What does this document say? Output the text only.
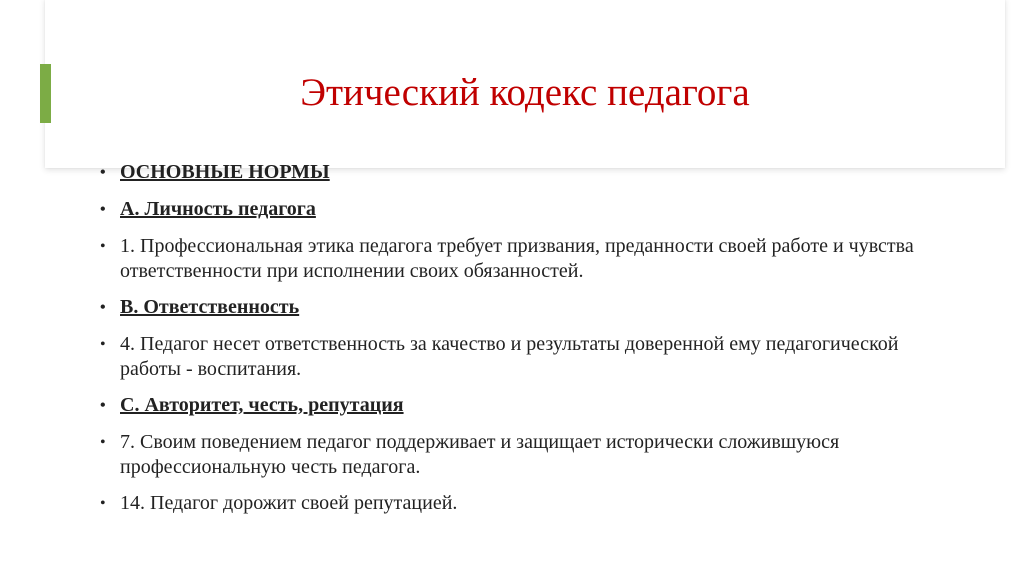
Этический кодекс педагога
• ОСНОВНЫЕ НОРМЫ
• А. Личность педагога
• 1. Профессиональная этика педагога требует призвания, преданности своей работе и чувства ответственности при исполнении своих обязанностей.
• В. Ответственность
• 4. Педагог несет ответственность за качество и результаты доверенной ему педагогической работы - воспитания.
• С. Авторитет, честь, репутация
• 7. Своим поведением педагог поддерживает и защищает исторически сложившуюся профессиональную честь педагога.
• 14. Педагог дорожит своей репутацией.
